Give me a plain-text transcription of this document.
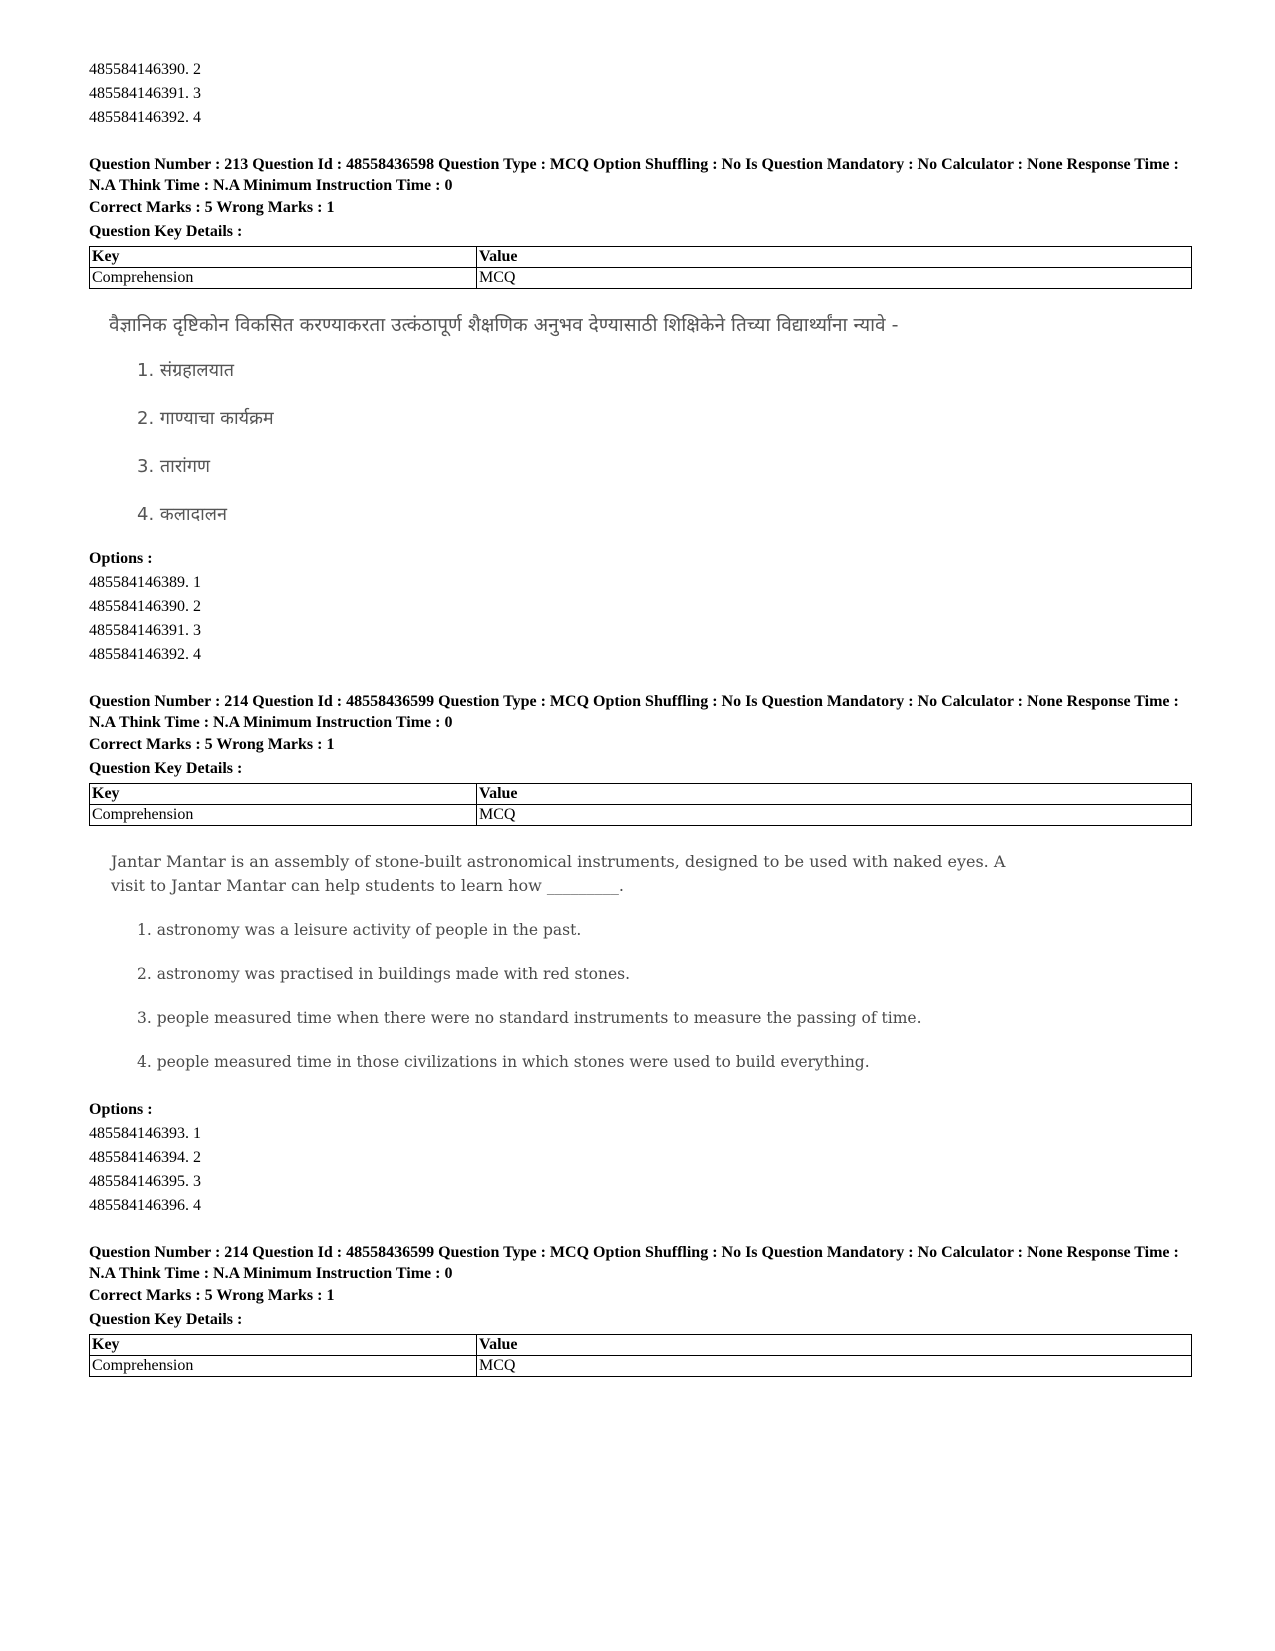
485584146390. 2

485584146391. 3

485584146392. 4

Question Number : 213 Question Id : 48558436598 Question Type : MCQ Option Shuffling : No Is Question Mandatory : No Calculator : None Response Time : N.A Think Time : N.A Minimum Instruction Time : 0

Correct Marks : 5 Wrong Marks : 1

Question Key Details :

Key	Value
Comprehension	MCQ
वैज्ञानिक दृष्टिकोन विकसित करण्याकरता उत्कंठापूर्ण शैक्षणिक अनुभव देण्यासाठी शिक्षिकेने तिच्या विद्यार्थ्यांना न्यावे -
1. संग्रहालयात
2. गाण्याचा कार्यक्रम
3. तारांगण
4. कलादालन

Options :

485584146389. 1

485584146390. 2

485584146391. 3

485584146392. 4

Question Number : 214 Question Id : 48558436599 Question Type : MCQ Option Shuffling : No Is Question Mandatory : No Calculator : None Response Time : N.A Think Time : N.A Minimum Instruction Time : 0

Correct Marks : 5 Wrong Marks : 1

Question Key Details :

Key	Value
Comprehension	MCQ
Jantar Mantar is an assembly of stone-built astronomical instruments, designed to be used with naked eyes. A
visit to Jantar Mantar can help students to learn how _________.
1. astronomy was a leisure activity of people in the past.
2. astronomy was practised in buildings made with red stones.
3. people measured time when there were no standard instruments to measure the passing of time.
4. people measured time in those civilizations in which stones were used to build everything.

Options :

485584146393. 1

485584146394. 2

485584146395. 3

485584146396. 4

Question Number : 214 Question Id : 48558436599 Question Type : MCQ Option Shuffling : No Is Question Mandatory : No Calculator : None Response Time : N.A Think Time : N.A Minimum Instruction Time : 0

Correct Marks : 5 Wrong Marks : 1

Question Key Details :

Key	Value
Comprehension	MCQ
